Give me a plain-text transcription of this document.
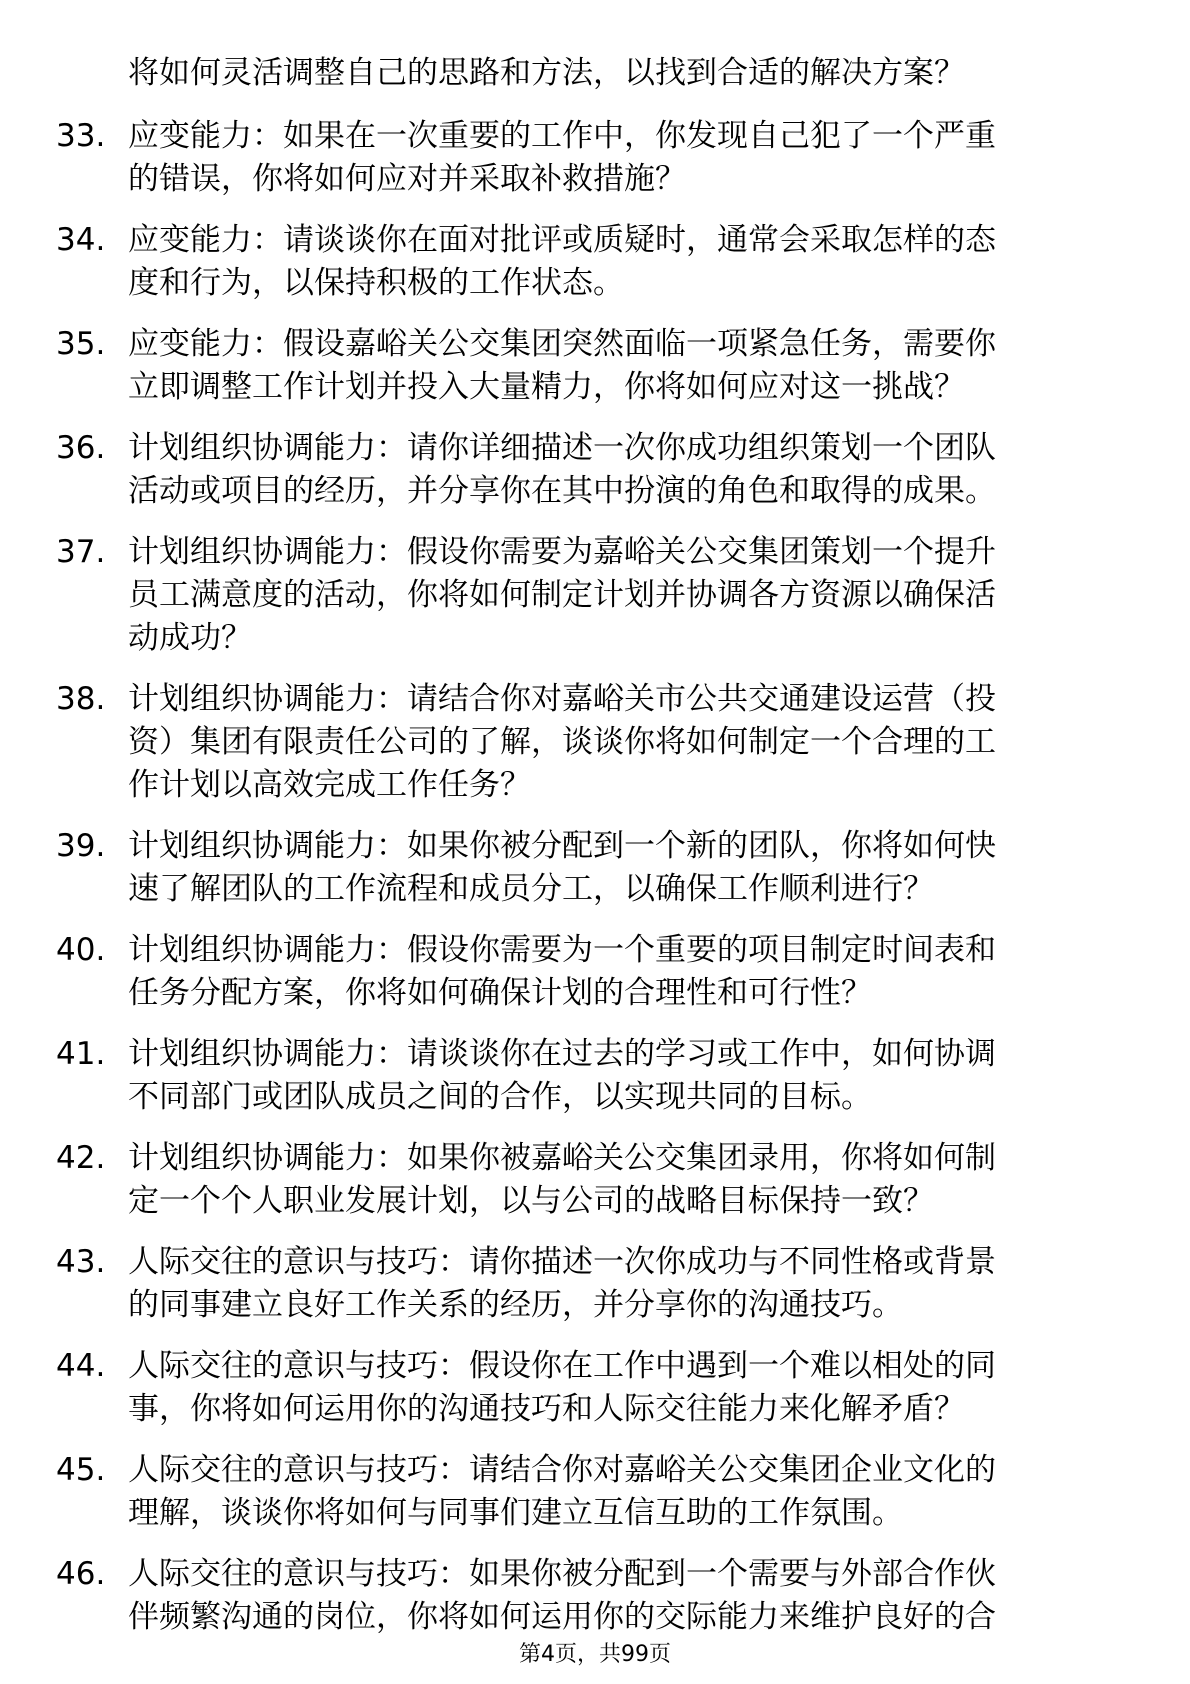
将如何灵活调整自己的思路和方法，以找到合适的解决方案？
33. 应变能力：如果在一次重要的工作中，你发现自己犯了一个严重
的错误，你将如何应对并采取补救措施？
34. 应变能力：请谈谈你在面对批评或质疑时，通常会采取怎样的态
度和行为，以保持积极的工作状态。
35. 应变能力：假设嘉峪关公交集团突然面临一项紧急任务，需要你
立即调整工作计划并投入大量精力，你将如何应对这一挑战？
36. 计划组织协调能力：请你详细描述一次你成功组织策划一个团队
活动或项目的经历，并分享你在其中扮演的角色和取得的成果。
37. 计划组织协调能力：假设你需要为嘉峪关公交集团策划一个提升
员工满意度的活动，你将如何制定计划并协调各方资源以确保活
动成功？
38. 计划组织协调能力：请结合你对嘉峪关市公共交通建设运营（投
资）集团有限责任公司的了解，谈谈你将如何制定一个合理的工
作计划以高效完成工作任务？
39. 计划组织协调能力：如果你被分配到一个新的团队，你将如何快
速了解团队的工作流程和成员分工，以确保工作顺利进行？
40. 计划组织协调能力：假设你需要为一个重要的项目制定时间表和
任务分配方案，你将如何确保计划的合理性和可行性？
41. 计划组织协调能力：请谈谈你在过去的学习或工作中，如何协调
不同部门或团队成员之间的合作，以实现共同的目标。
42. 计划组织协调能力：如果你被嘉峪关公交集团录用，你将如何制
定一个个人职业发展计划，以与公司的战略目标保持一致？
43. 人际交往的意识与技巧：请你描述一次你成功与不同性格或背景
的同事建立良好工作关系的经历，并分享你的沟通技巧。
44. 人际交往的意识与技巧：假设你在工作中遇到一个难以相处的同
事，你将如何运用你的沟通技巧和人际交往能力来化解矛盾？
45. 人际交往的意识与技巧：请结合你对嘉峪关公交集团企业文化的
理解，谈谈你将如何与同事们建立互信互助的工作氛围。
46. 人际交往的意识与技巧：如果你被分配到一个需要与外部合作伙
伴频繁沟通的岗位，你将如何运用你的交际能力来维护良好的合
第4页，共99页
